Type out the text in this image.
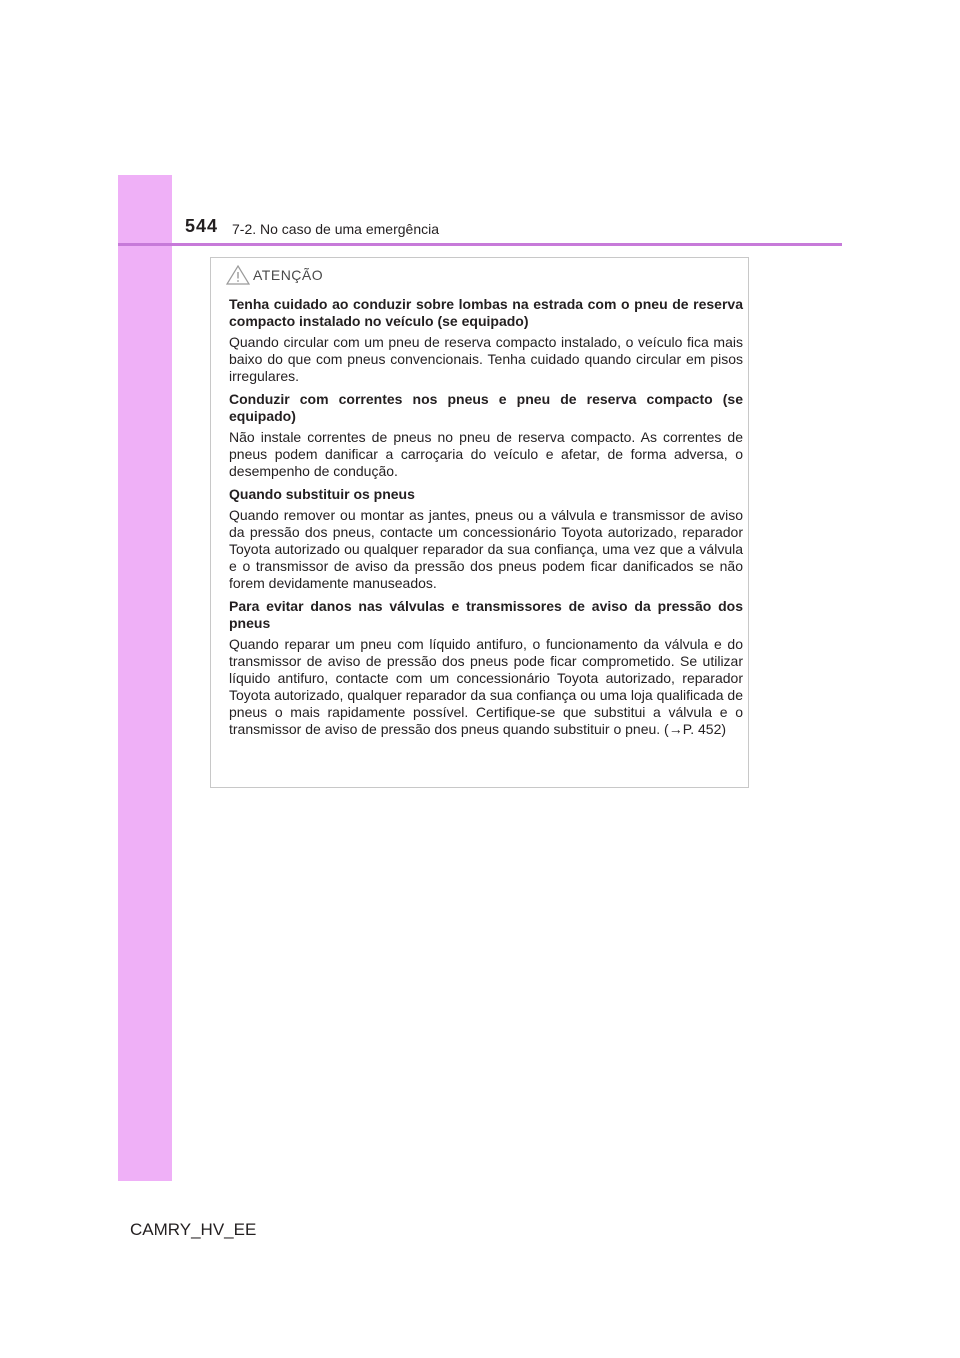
544 7-2. No caso de uma emergência
ATENÇÃO

Tenha cuidado ao conduzir sobre lombas na estrada com o pneu de reserva compacto instalado no veículo (se equipado)

Quando circular com um pneu de reserva compacto instalado, o veículo fica mais baixo do que com pneus convencionais. Tenha cuidado quando circular em pisos irregulares.

Conduzir com correntes nos pneus e pneu de reserva compacto (se equipado)

Não instale correntes de pneus no pneu de reserva compacto. As correntes de pneus podem danificar a carroçaria do veículo e afetar, de forma adversa, o desempenho de condução.

Quando substituir os pneus

Quando remover ou montar as jantes, pneus ou a válvula e transmissor de aviso da pressão dos pneus, contacte um concessionário Toyota autorizado, reparador Toyota autorizado ou qualquer reparador da sua confiança, uma vez que a válvula e o transmissor de aviso da pressão dos pneus podem ficar danificados se não forem devidamente manuseados.

Para evitar danos nas válvulas e transmissores de aviso da pressão dos pneus

Quando reparar um pneu com líquido antifuro, o funcionamento da válvula e do transmissor de aviso de pressão dos pneus pode ficar comprometido. Se utilizar líquido antifuro, contacte com um concessionário Toyota autorizado, reparador Toyota autorizado, qualquer reparador da sua confiança ou uma loja qualificada de pneus o mais rapidamente possível. Certifique-se que substitui a válvula e o transmissor de aviso de pressão dos pneus quando substituir o pneu. (→P. 452)

CAMRY_HV_EE
